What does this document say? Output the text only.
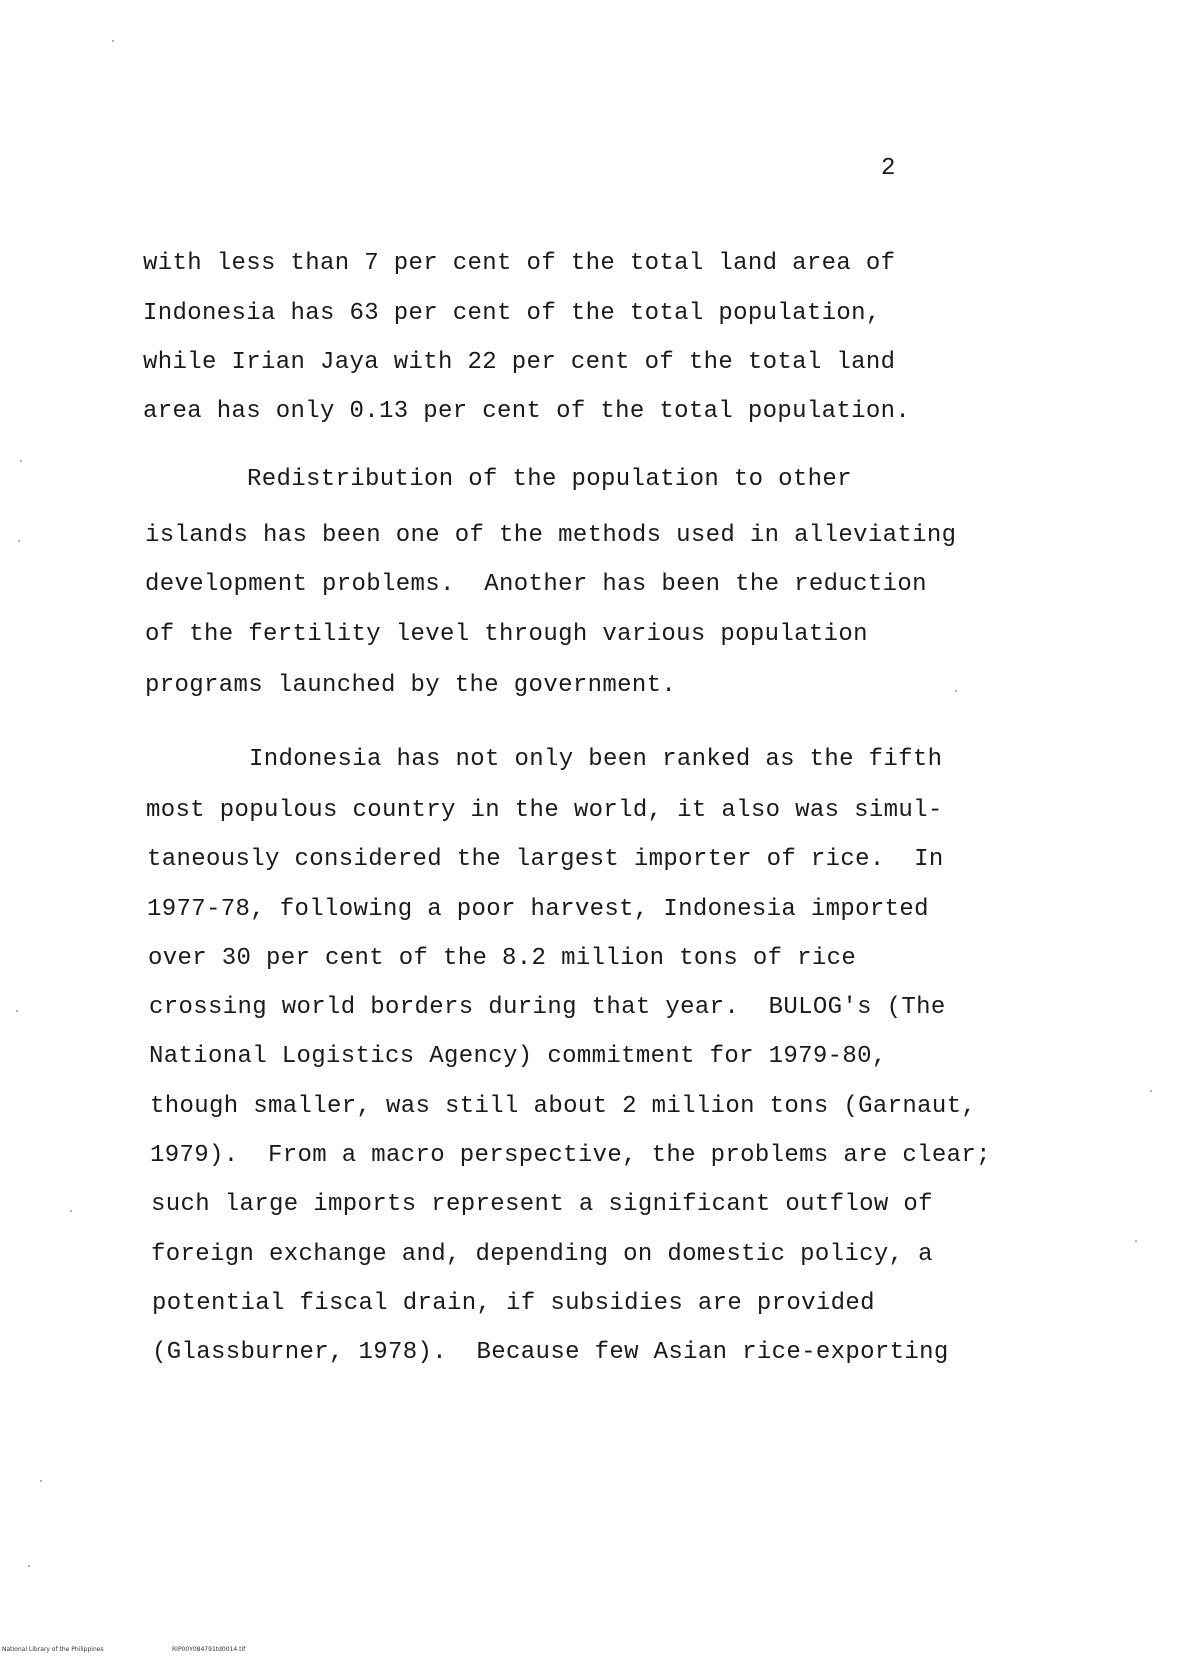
2
with less than 7 per cent of the total land area of
Indonesia has 63 per cent of the total population,
while Irian Jaya with 22 per cent of the total land
area has only 0.13 per cent of the total population.
Redistribution of the population to other
islands has been one of the methods used in alleviating
development problems.  Another has been the reduction
of the fertility level through various population
programs launched by the government.
Indonesia has not only been ranked as the fifth
most populous country in the world, it also was simul-
taneously considered the largest importer of rice.  In
1977-78, following a poor harvest, Indonesia imported
over 30 per cent of the 8.2 million tons of rice
crossing world borders during that year.  BULOG's (The
National Logistics Agency) commitment for 1979-80,
though smaller, was still about 2 million tons (Garnaut,
1979).  From a macro perspective, the problems are clear;
such large imports represent a significant outflow of
foreign exchange and, depending on domestic policy, a
potential fiscal drain, if subsidies are provided
(Glassburner, 1978).  Because few Asian rice-exporting
National Library of the Philippines	RIP00Y084791td0014.tif
